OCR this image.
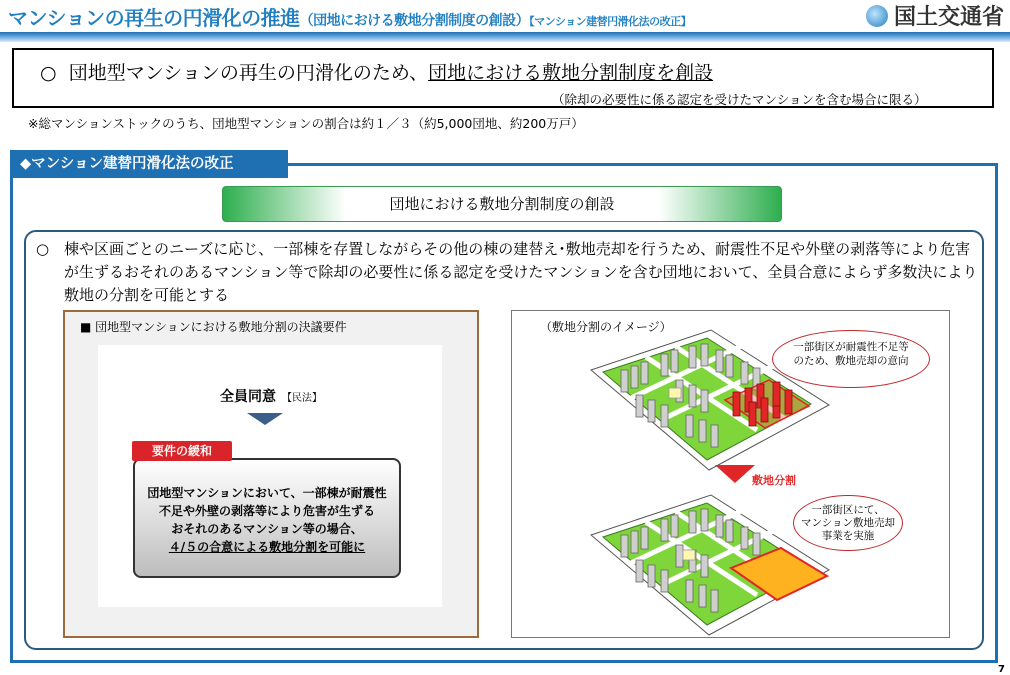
マンションの再生の円滑化の推進（団地における敷地分割制度の創設）【マンション建替円滑化法の改正】	国土交通省
○ 団地型マンションの再生の円滑化のため、団地における敷地分割制度を創設
（除却の必要性に係る認定を受けたマンションを含む場合に限る）
※総マンションストックのうち、団地型マンションの割合は約１／３（約5,000団地、約200万戸）
◆マンション建替円滑化法の改正
団地における敷地分割制度の創設
○ 棟や区画ごとのニーズに応じ、一部棟を存置しながらその他の棟の建替え･敷地売却を行うため、耐震性不足や外壁の剥落等により危害が生ずるおそれのあるマンション等で除却の必要性に係る認定を受けたマンションを含む団地において、全員合意によらず多数決により敷地の分割を可能とする
■ 団地型マンションにおける敷地分割の決議要件
全員同意 【民法】
要件の緩和
団地型マンションにおいて、一部棟が耐震性
不足や外壁の剥落等により危害が生ずる
おそれのあるマンション等の場合、
４/５の合意による敷地分割を可能に
（敷地分割のイメージ）
一部街区が耐震性不足等
のため、敷地売却の意向
敷地分割
一部街区にて、
マンション敷地売却
事業を実施
7
